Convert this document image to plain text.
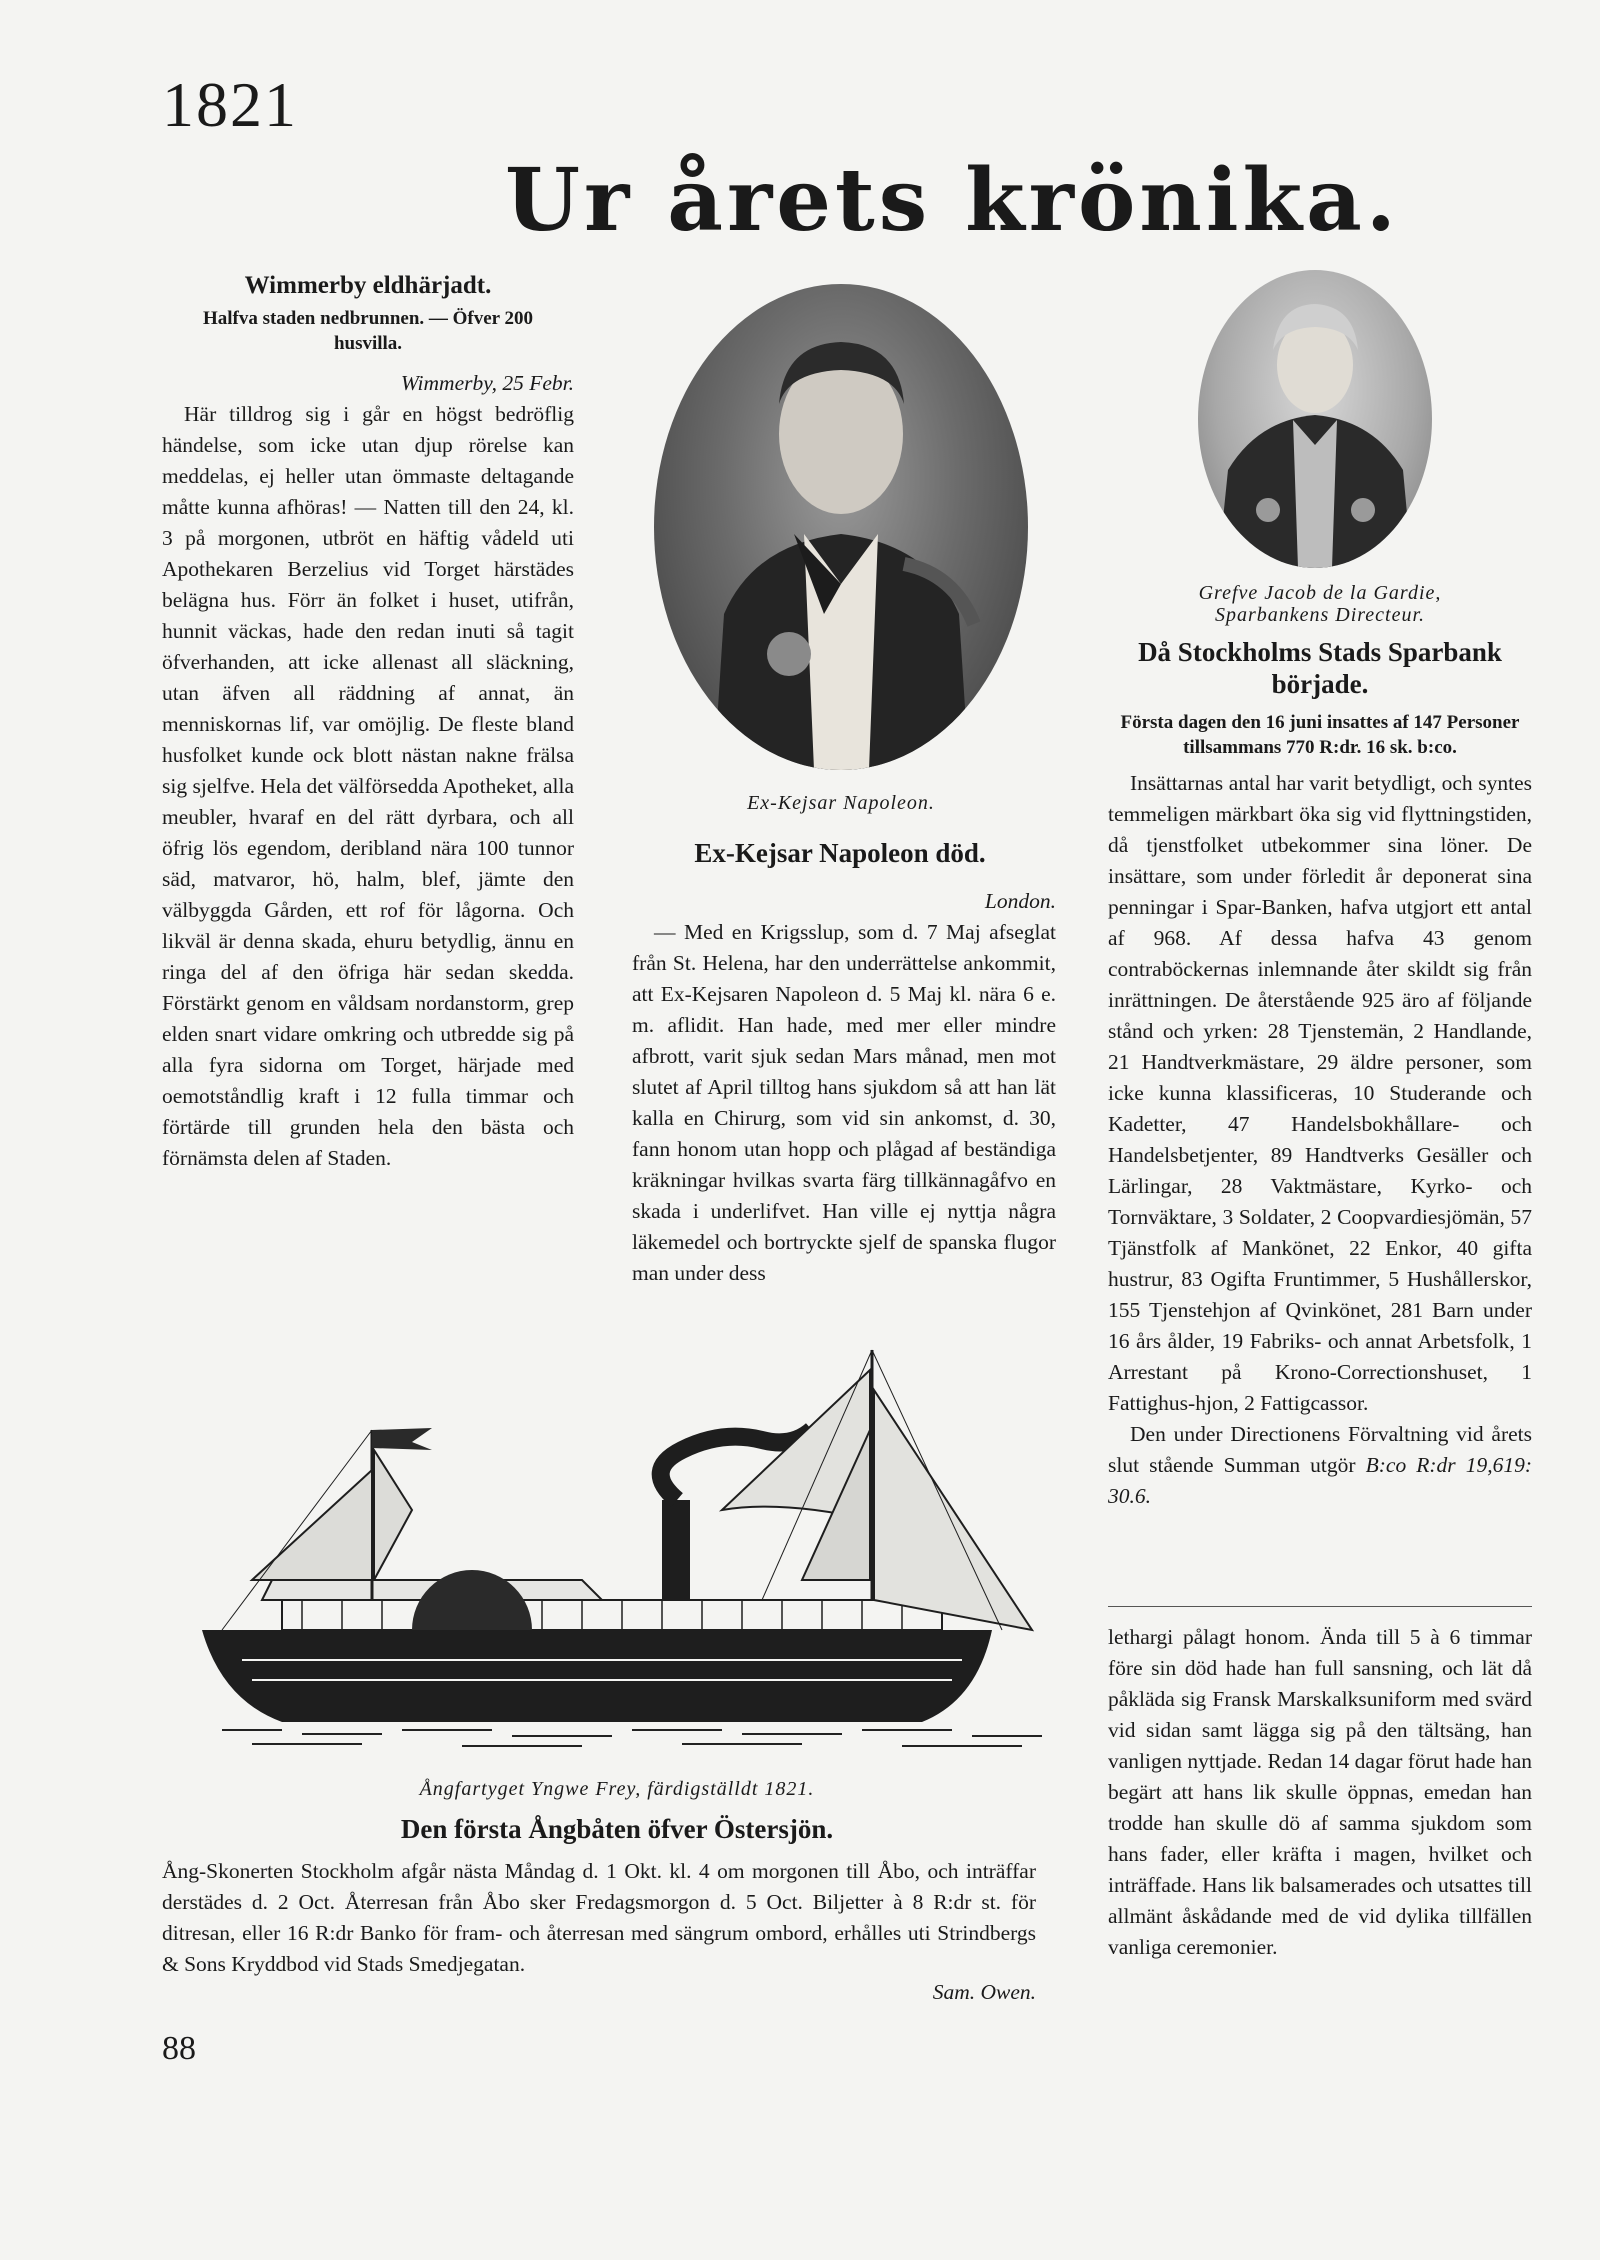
1821
Ur årets krönika.
Wimmerby eldhärjadt.
Halfva staden nedbrunnen. — Öfver 200 husvilla.

Wimmerby, 25 Febr.

Här tilldrog sig i går en högst bedröflig händelse, som icke utan djup rörelse kan meddelas, ej heller utan ömmaste deltagande måtte kunna afhöras! — Natten till den 24, kl. 3 på morgonen, utbröt en häftig vådeld uti Apothekaren Berzelius vid Torget härstädes belägna hus. Förr än folket i huset, utifrån, hunnit väckas, hade den redan inuti så tagit öfverhanden, att icke allenast all släckning, utan äfven all räddning af annat, än menniskornas lif, var omöjlig. De fleste bland husfolket kunde ock blott nästan nakne frälsa sig sjelfve. Hela det välförsedda Apotheket, alla meubler, hvaraf en del rätt dyrbara, och all öfrig lös egendom, deribland nära 100 tunnor säd, matvaror, hö, halm, blef, jämte den välbyggda Gården, ett rof för lågorna. Och likväl är denna skada, ehuru betydlig, ännu en ringa del af den öfriga här sedan skedda. Förstärkt genom en våldsam nordanstorm, grep elden snart vidare omkring och utbredde sig på alla fyra sidorna om Torget, härjade med oemotståndlig kraft i 12 fulla timmar och förtärde till grunden hela den bästa och förnämsta delen af Staden.

Ex-Kejsar Napoleon.
Ex-Kejsar Napoleon död.

London.

— Med en Krigsslup, som d. 7 Maj afseglat från St. Helena, har den underrättelse ankommit, att Ex-Kejsaren Napoleon d. 5 Maj kl. nära 6 e. m. aflidit. Han hade, med mer eller mindre afbrott, varit sjuk sedan Mars månad, men mot slutet af April tilltog hans sjukdom så att han lät kalla en Chirurg, som vid sin ankomst, d. 30, fann honom utan hopp och plågad af beständiga kräkningar hvilkas svarta färg tillkännagåfvo en skada i underlifvet. Han ville ej nyttja några läkemedel och bortryckte sjelf de spanska flugor man under dess

Grefve Jacob de la Gardie,
Sparbankens Directeur.
Då Stockholms Stads Sparbank började.
Första dagen den 16 juni insattes af 147 Personer tillsammans 770 R:dr. 16 sk. b:co.

Insättarnas antal har varit betydligt, och syntes temmeligen märkbart öka sig vid flyttningstiden, då tjenstfolket utbekommer sina löner. De insättare, som under förledit år deponerat sina penningar i Spar-Banken, hafva utgjort ett antal af 968. Af dessa hafva 43 genom contraböckernas inlemnande åter skildt sig från inrättningen. De återstående 925 äro af följande stånd och yrken: 28 Tjenstemän, 2 Handlande, 21 Handtverkmästare, 29 äldre personer, som icke kunna klassificeras, 10 Studerande och Kadetter, 47 Handelsbokhållare- och Handelsbetjenter, 89 Handtverks Gesäller och Lärlingar, 28 Vaktmästare, Kyrko- och Tornväktare, 3 Soldater, 2 Coopvardiesjömän, 57 Tjänstfolk af Mankönet, 22 Enkor, 40 gifta hustrur, 83 Ogifta Fruntimmer, 5 Hushållerskor, 155 Tjenstehjon af Qvinkönet, 281 Barn under 16 års ålder, 19 Fabriks- och annat Arbetsfolk, 1 Arrestant på Krono-Correctionshuset, 1 Fattighus-hjon, 2 Fattigcassor.

Den under Directionens Förvaltning vid årets slut stående Summan utgör B:co R:dr 19,619: 30.6.

lethargi pålagt honom. Ända till 5 à 6 timmar före sin död hade han full sansning, och lät då påkläda sig Fransk Marskalksuniform med svärd vid sidan samt lägga sig på den tältsäng, han vanligen nyttjade. Redan 14 dagar förut hade han begärt att hans lik skulle öppnas, emedan han trodde han skulle dö af samma sjukdom som hans fader, eller kräfta i magen, hvilket och inträffade. Hans lik balsamerades och utsattes till allmänt åskådande med de vid dylika tillfällen vanliga ceremonier.
Ångfartyget Yngwe Frey, färdigställdt 1821.
Den första Ångbåten öfver Östersjön.

Ång-Skonerten Stockholm afgår nästa Måndag d. 1 Okt. kl. 4 om morgonen till Åbo, och inträffar derstädes d. 2 Oct. Återresan från Åbo sker Fredagsmorgon d. 5 Oct. Biljetter à 8 R:dr st. för ditresan, eller 16 R:dr Banko för fram- och återresan med sängrum ombord, erhålles uti Strindbergs & Sons Kryddbod vid Stads Smedjegatan.

Sam. Owen.
88
